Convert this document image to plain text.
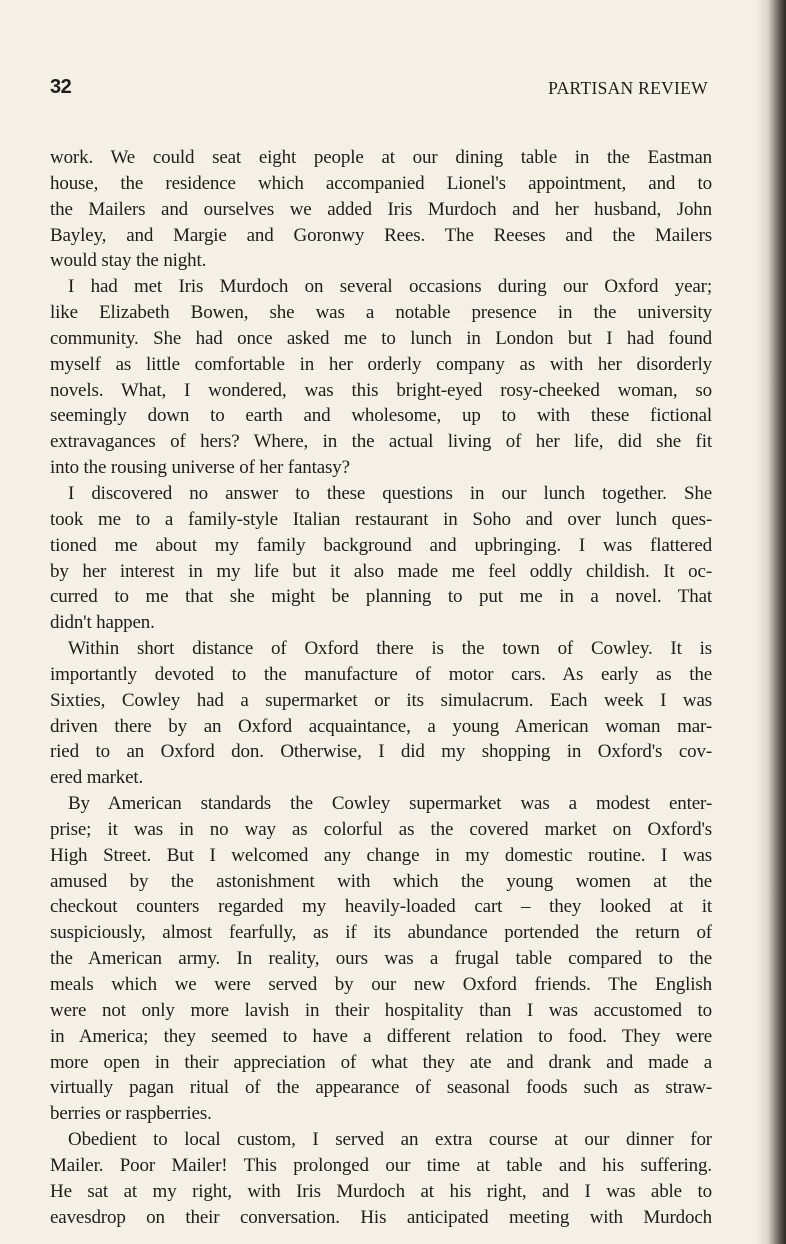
32	PARTISAN REVIEW
work. We could seat eight people at our dining table in the Eastman
house, the residence which accompanied Lionel's appointment, and to
the Mailers and ourselves we added Iris Murdoch and her husband, John
Bayley, and Margie and Goronwy Rees. The Reeses and the Mailers
would stay the night.
I had met Iris Murdoch on several occasions during our Oxford year;
like Elizabeth Bowen, she was a notable presence in the university
community. She had once asked me to lunch in London but I had found
myself as little comfortable in her orderly company as with her disorderly
novels. What, I wondered, was this bright-eyed rosy-cheeked woman, so
seemingly down to earth and wholesome, up to with these fictional
extravagances of hers? Where, in the actual living of her life, did she fit
into the rousing universe of her fantasy?
I discovered no answer to these questions in our lunch together. She
took me to a family-style Italian restaurant in Soho and over lunch ques-
tioned me about my family background and upbringing. I was flattered
by her interest in my life but it also made me feel oddly childish. It oc-
curred to me that she might be planning to put me in a novel. That
didn't happen.
Within short distance of Oxford there is the town of Cowley. It is
importantly devoted to the manufacture of motor cars. As early as the
Sixties, Cowley had a supermarket or its simulacrum. Each week I was
driven there by an Oxford acquaintance, a young American woman mar-
ried to an Oxford don. Otherwise, I did my shopping in Oxford's cov-
ered market.
By American standards the Cowley supermarket was a modest enter-
prise; it was in no way as colorful as the covered market on Oxford's
High Street. But I welcomed any change in my domestic routine. I was
amused by the astonishment with which the young women at the
checkout counters regarded my heavily-loaded cart – they looked at it
suspiciously, almost fearfully, as if its abundance portended the return of
the American army. In reality, ours was a frugal table compared to the
meals which we were served by our new Oxford friends. The English
were not only more lavish in their hospitality than I was accustomed to
in America; they seemed to have a different relation to food. They were
more open in their appreciation of what they ate and drank and made a
virtually pagan ritual of the appearance of seasonal foods such as straw-
berries or raspberries.
Obedient to local custom, I served an extra course at our dinner for
Mailer. Poor Mailer! This prolonged our time at table and his suffering.
He sat at my right, with Iris Murdoch at his right, and I was able to
eavesdrop on their conversation. His anticipated meeting with Murdoch
